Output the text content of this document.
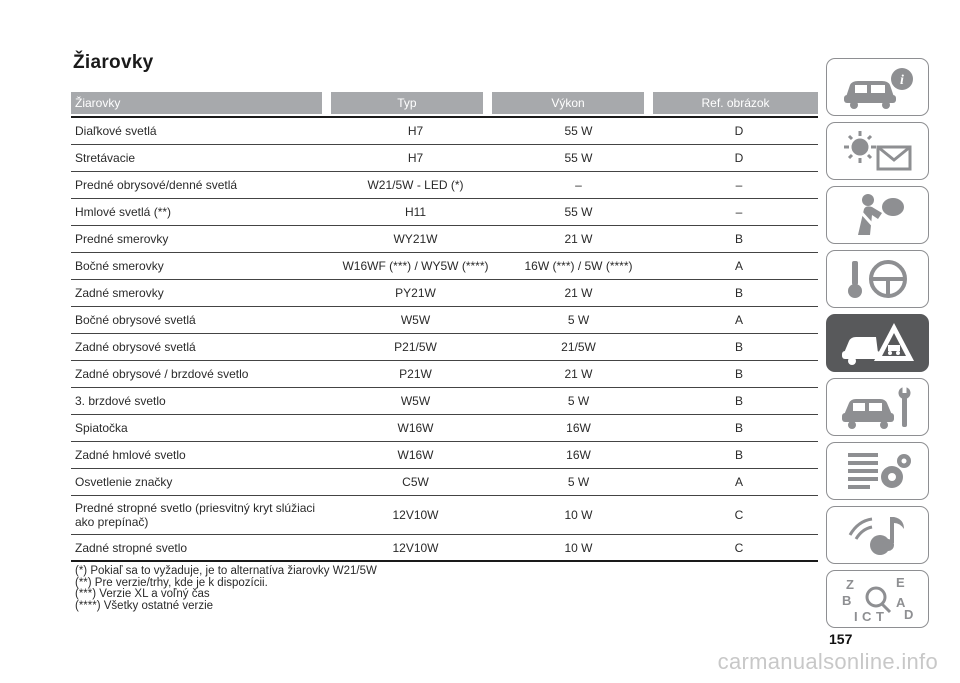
Žiarovky
Žiarovky	Typ	Výkon	Ref. obrázok
Diaľkové svetlá	H7	55 W	D
Stretávacie	H7	55 W	D
Predné obrysové/denné svetlá	W21/5W - LED (*)	–	–
Hmlové svetlá (**)	H11	55 W	–
Predné smerovky	WY21W	21 W	B
Bočné smerovky	W16WF (***) / WY5W (****)	16W (***) / 5W (****)	A
Zadné smerovky	PY21W	21 W	B
Bočné obrysové svetlá	W5W	5 W	A
Zadné obrysové svetlá	P21/5W	21/5W	B
Zadné obrysové / brzdové svetlo	P21W	21 W	B
3. brzdové svetlo	W5W	5 W	B
Spiatočka	W16W	16W	B
Zadné hmlové svetlo	W16W	16W	B
Osvetlenie značky	C5W	5 W	A
Predné stropné svetlo (priesvitný kryt slúžiaci ako prepínač)	12V10W	10 W	C
Zadné stropné svetlo	12V10W	10 W	C
(*) Pokiaľ sa to vyžaduje, je to alternatíva žiarovky W21/5W
(**) Pre verzie/trhy, kde je k dispozícii.
(***) Verzie XL a voľný čas
(****) Všetky ostatné verzie
157
i
Z	E
B	A
I C T D
carmanualsonline.info
